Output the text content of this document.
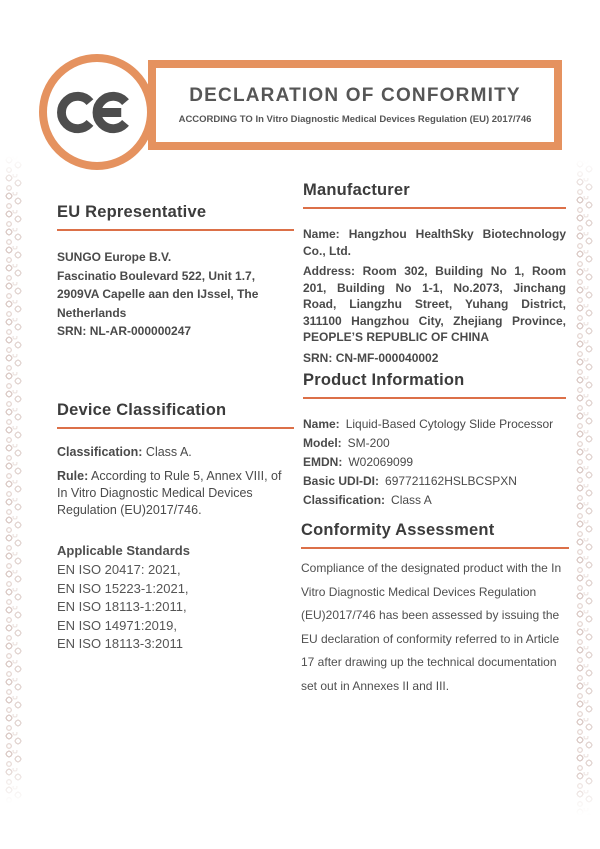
DECLARATION OF CONFORMITY
ACCORDING TO In Vitro Diagnostic Medical Devices Regulation (EU) 2017/746
EU Representative
SUNGO Europe B.V.
Fascinatio Boulevard 522, Unit 1.7,
2909VA Capelle aan den IJssel, The
Netherlands
SRN: NL-AR-000000247
Device Classification
Classification: Class A.
Rule: According to Rule 5, Annex VIII, of In Vitro Diagnostic Medical Devices Regulation (EU)2017/746.
Applicable Standards
EN ISO 20417: 2021,
EN ISO 15223-1:2021,
EN ISO 18113-1:2011,
EN ISO 14971:2019,
EN ISO 18113-3:2011
Manufacturer
Name: Hangzhou HealthSky Biotechnology Co., Ltd.
Address: Room 302, Building No 1, Room 201, Building No 1-1, No.2073, Jinchang Road, Liangzhu Street, Yuhang District, 311100 Hangzhou City, Zhejiang Province, PEOPLE’S REPUBLIC OF CHINA
SRN: CN-MF-000040002
Product Information
Name: Liquid-Based Cytology Slide Processor
Model: SM-200
EMDN: W02069099
Basic UDI-DI: 697721162HSLBCSPXN
Classification: Class A
Conformity Assessment
Compliance of the designated product with the In Vitro Diagnostic Medical Devices Regulation (EU)2017/746 has been assessed by issuing the EU declaration of conformity referred to in Article 17 after drawing up the technical documentation set out in Annexes II and III.
